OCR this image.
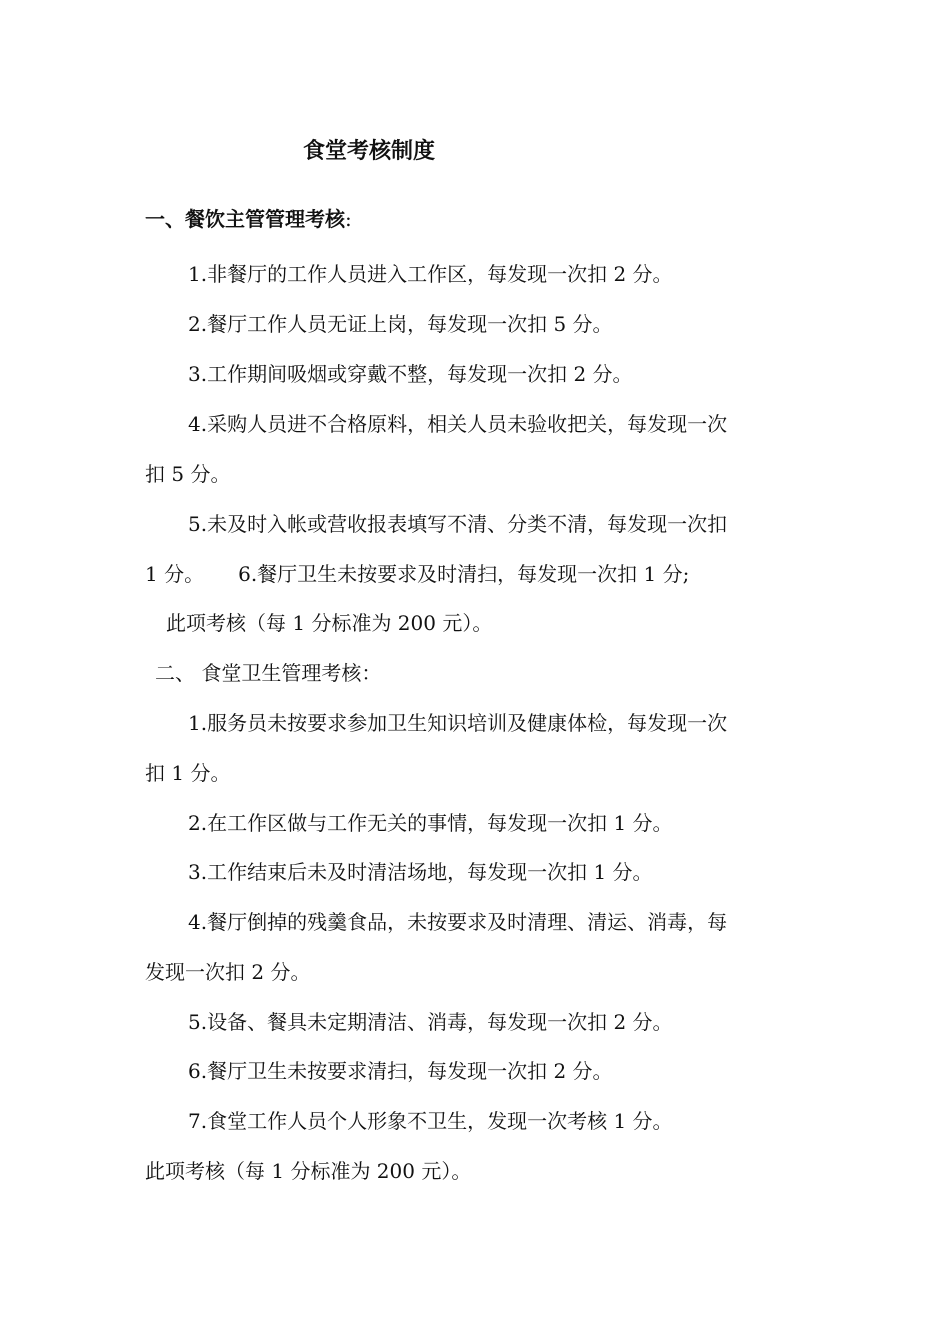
食堂考核制度
一、餐饮主管管理考核:
1.非餐厅的工作人员进入工作区，每发现一次扣 2 分。
2.餐厅工作人员无证上岗，每发现一次扣 5 分。
3.工作期间吸烟或穿戴不整，每发现一次扣 2 分。
4.采购人员进不合格原料，相关人员未验收把关，每发现一次
扣 5 分。
5.未及时入帐或营收报表填写不清、分类不清，每发现一次扣
1 分。 6.餐厅卫生未按要求及时清扫，每发现一次扣 1 分;
此项考核（每 1 分标准为 200 元）。
二、 食堂卫生管理考核：
1.服务员未按要求参加卫生知识培训及健康体检，每发现一次
扣 1 分。
2.在工作区做与工作无关的事情，每发现一次扣 1 分。
3.工作结束后未及时清洁场地，每发现一次扣 1 分。
4.餐厅倒掉的残羹食品，未按要求及时清理、清运、消毒，每
发现一次扣 2 分。
5.设备、餐具未定期清洁、消毒，每发现一次扣 2 分。
6.餐厅卫生未按要求清扫，每发现一次扣 2 分。
7.食堂工作人员个人形象不卫生，发现一次考核 1 分。
此项考核（每 1 分标准为 200 元）。
